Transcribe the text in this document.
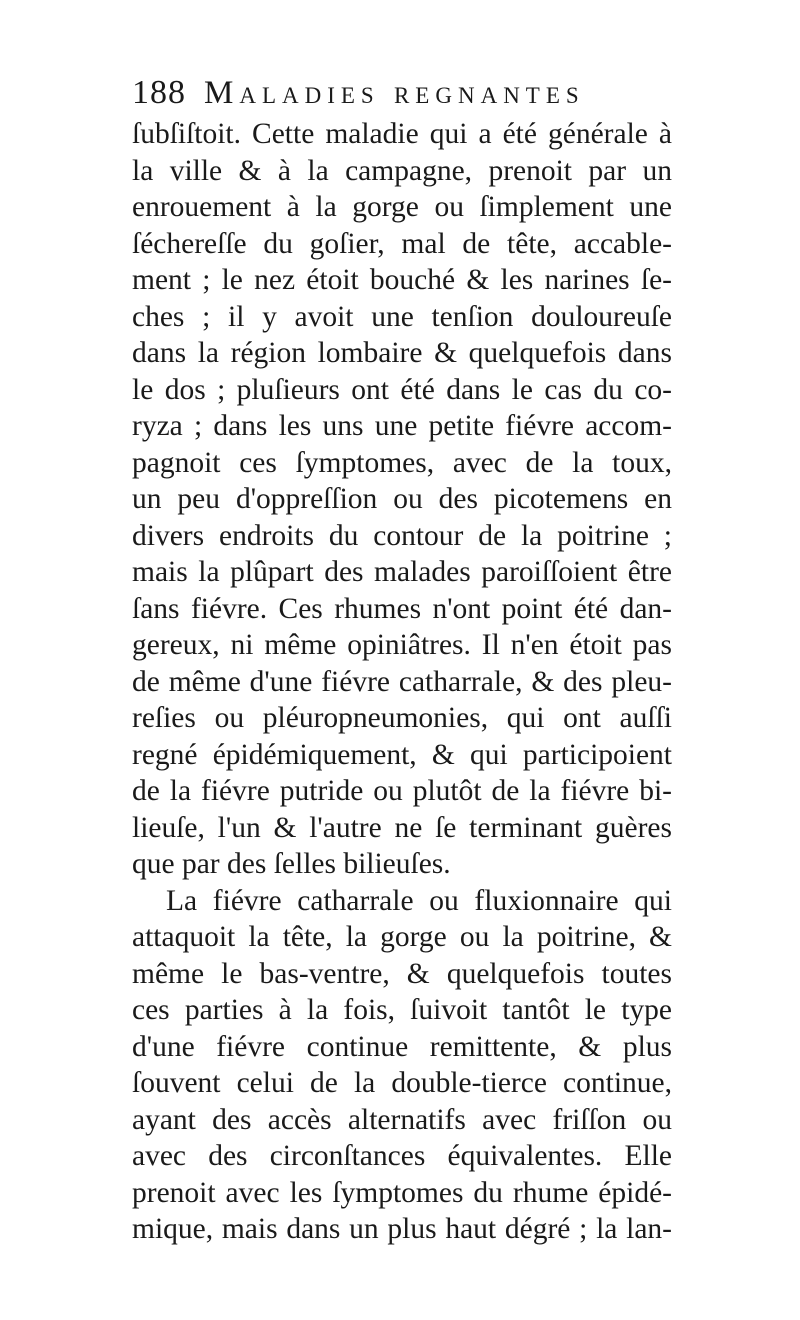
188 Maladies regnantes
ſubſiſtoit. Cette maladie qui a été générale à
la ville & à la campagne, prenoit par un
enrouement à la gorge ou ſimplement une
ſéchereſſe du goſier, mal de tête, accable-
ment ; le nez étoit bouché & les narines ſe-
ches ; il y avoit une tenſion douloureuſe
dans la région lombaire & quelquefois dans
le dos ; pluſieurs ont été dans le cas du co-
ryza ; dans les uns une petite fiévre accom-
pagnoit ces ſymptomes, avec de la toux,
un peu d'oppreſſion ou des picotemens en
divers endroits du contour de la poitrine ;
mais la plûpart des malades paroiſſoient être
ſans fiévre. Ces rhumes n'ont point été dan-
gereux, ni même opiniâtres. Il n'en étoit pas
de même d'une fiévre catharrale, & des pleu-
reſies ou pléuropneumonies, qui ont auſſi
regné épidémiquement, & qui participoient
de la fiévre putride ou plutôt de la fiévre bi-
lieuſe, l'un & l'autre ne ſe terminant guères
que par des ſelles bilieuſes.
La fiévre catharrale ou fluxionnaire qui
attaquoit la tête, la gorge ou la poitrine, &
même le bas-ventre, & quelquefois toutes
ces parties à la fois, ſuivoit tantôt le type
d'une fiévre continue remittente, & plus
ſouvent celui de la double-tierce continue,
ayant des accès alternatifs avec friſſon ou
avec des circonſtances équivalentes. Elle
prenoit avec les ſymptomes du rhume épidé-
mique, mais dans un plus haut dégré ; la lan-
